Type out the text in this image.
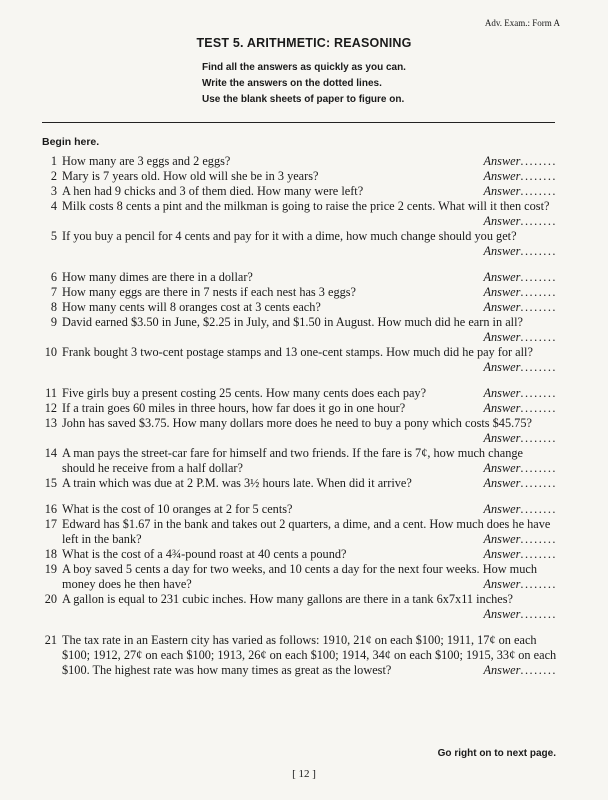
Adv. Exam.: Form A
TEST 5. ARITHMETIC: REASONING
Find all the answers as quickly as you can.
Write the answers on the dotted lines.
Use the blank sheets of paper to figure on.
Begin here.
1 How many are 3 eggs and 2 eggs?	Answer........
2 Mary is 7 years old. How old will she be in 3 years?	Answer........
3 A hen had 9 chicks and 3 of them died. How many were left?	Answer........
4 Milk costs 8 cents a pint and the milkman is going to raise the price 2 cents. What will it then cost?
Answer........
5 If you buy a pencil for 4 cents and pay for it with a dime, how much change should you get?
Answer........
6 How many dimes are there in a dollar?	Answer........
7 How many eggs are there in 7 nests if each nest has 3 eggs?	Answer........
8 How many cents will 8 oranges cost at 3 cents each?	Answer........
9 David earned $3.50 in June, $2.25 in July, and $1.50 in August. How much did he earn in all?
Answer........
10 Frank bought 3 two-cent postage stamps and 13 one-cent stamps. How much did he pay for all?
Answer........
11 Five girls buy a present costing 25 cents. How many cents does each pay?	Answer........
12 If a train goes 60 miles in three hours, how far does it go in one hour?	Answer........
13 John has saved $3.75. How many dollars more does he need to buy a pony which costs $45.75?
Answer........
14 A man pays the street-car fare for himself and two friends. If the fare is 7¢, how much change should he receive from a half dollar?	Answer........
15 A train which was due at 2 P.M. was 3½ hours late. When did it arrive?	Answer........
16 What is the cost of 10 oranges at 2 for 5 cents?	Answer........
17 Edward has $1.67 in the bank and takes out 2 quarters, a dime, and a cent. How much does he have left in the bank?	Answer........
18 What is the cost of a 4¾-pound roast at 40 cents a pound?	Answer........
19 A boy saved 5 cents a day for two weeks, and 10 cents a day for the next four weeks. How much money does he then have?	Answer........
20 A gallon is equal to 231 cubic inches. How many gallons are there in a tank 6x7x11 inches?
Answer........
21 The tax rate in an Eastern city has varied as follows: 1910, 21¢ on each $100; 1911, 17¢ on each $100; 1912, 27¢ on each $100; 1913, 26¢ on each $100; 1914, 34¢ on each $100; 1915, 33¢ on each $100. The highest rate was how many times as great as the lowest?	Answer........
Go right on to next page.
[ 12 ]
